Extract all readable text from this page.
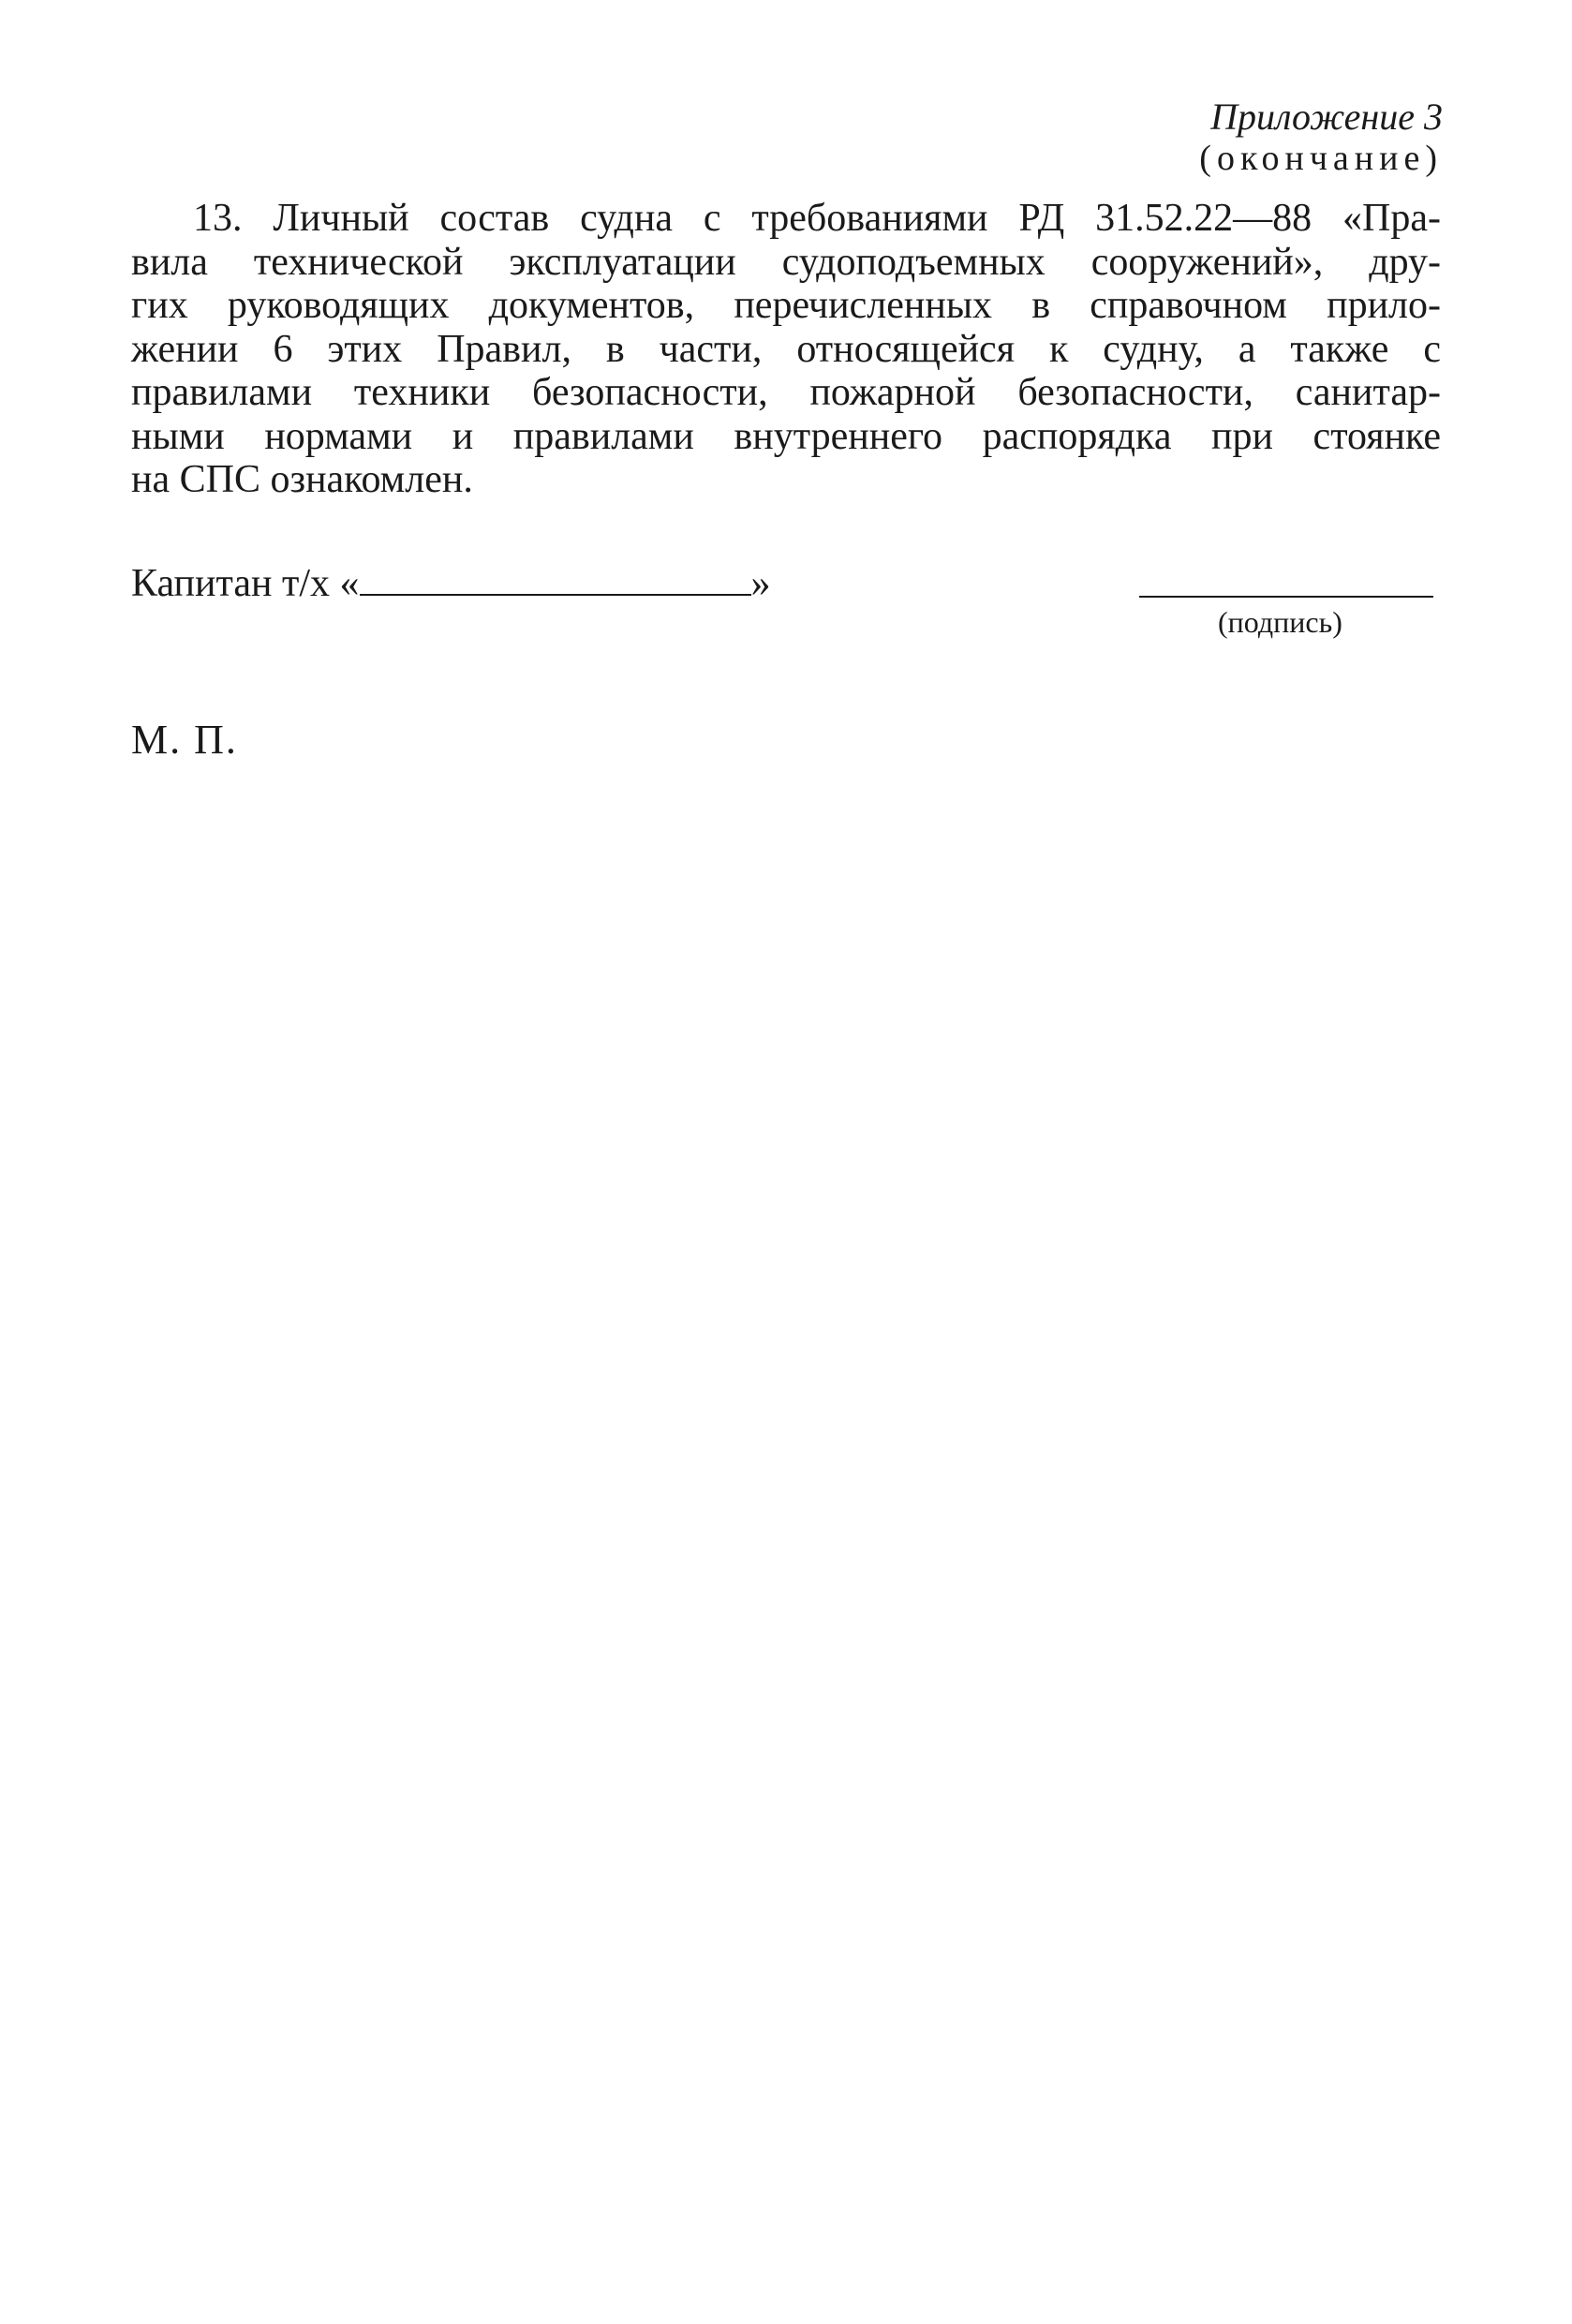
Приложение 3
(окончание)
13. Личный состав судна с требованиями РД 31.52.22—88 «Пра-
вила технической эксплуатации судоподъемных сооружений», дру-
гих руководящих документов, перечисленных в справочном прило-
жении 6 этих Правил, в части, относящейся к судну, а также с
правилами техники безопасности, пожарной безопасности, санитар-
ными нормами и правилами внутреннего распорядка при стоянке
на СПС ознакомлен.
Капитан т/х «	»
(подпись)
М. П.
